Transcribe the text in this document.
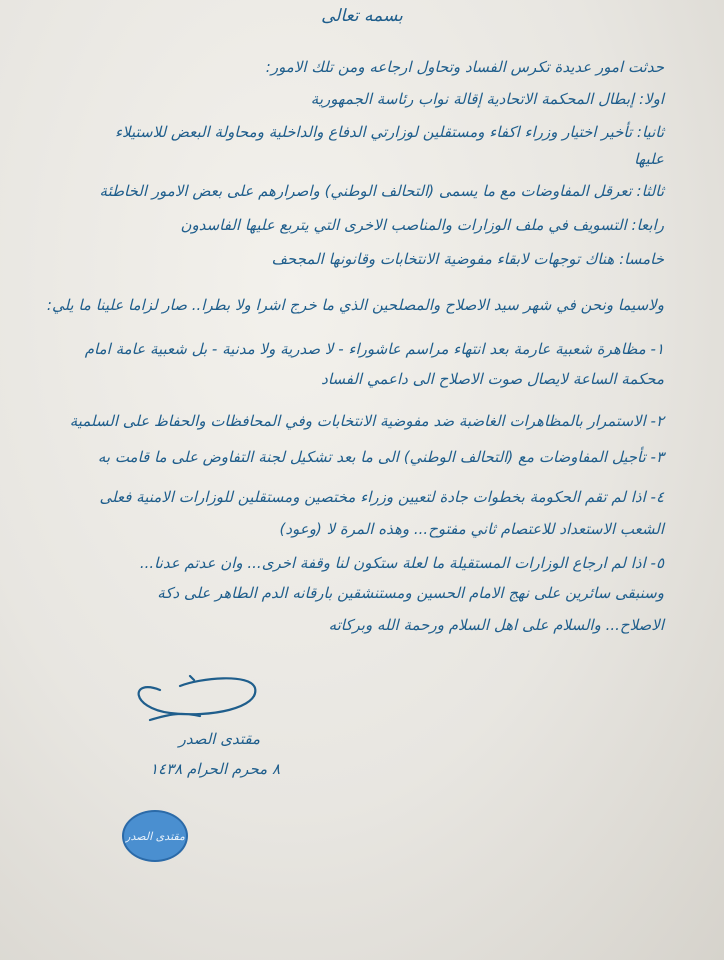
بسمه تعالى
حدثت امور عديدة تكرس الفساد وتحاول ارجاعه ومن تلك الامور:
اولا: إبطال المحكمة الاتحادية إقالة نواب رئاسة الجمهورية
ثانيا: تأخير اختيار وزراء اكفاء ومستقلين لوزارتي الدفاع والداخلية ومحاولة البعض للاستيلاء
عليها
ثالثا: تعرقل المفاوضات مع ما يسمى (التحالف الوطني) واصرارهم على بعض الامور الخاطئة
رابعا: التسويف في ملف الوزارات والمناصب الاخرى التي يتربع عليها الفاسدون
خامسا: هناك توجهات لابقاء مفوضية الانتخابات وقانونها المجحف
ولاسيما ونحن في شهر سيد الاصلاح والمصلحين الذي ما خرج اشرا ولا بطرا.. صار لزاما علينا ما يلي:
١- مظاهرة شعبية عارمة بعد انتهاء مراسم عاشوراء - لا صدرية ولا مدنية - بل شعبية عامة امام
محكمة الساعة لايصال صوت الاصلاح الى داعمي الفساد
٢- الاستمرار بالمظاهرات الغاضبة ضد مفوضية الانتخابات وفي المحافظات والحفاظ على السلمية
٣- تأجيل المفاوضات مع (التحالف الوطني) الى ما بعد تشكيل لجنة التفاوض على ما قامت به
٤- اذا لم تقم الحكومة بخطوات جادة لتعيين وزراء مختصين ومستقلين للوزارات الامنية فعلى
الشعب الاستعداد للاعتصام ثاني مفتوح... وهذه المرة لا (وعود)
٥- اذا لم ارجاع الوزارات المستقيلة ما لعلة ستكون لنا وقفة اخرى... وان عدتم عدنا...
وسنبقى سائرين على نهج الامام الحسين ومستنشقين بارقانه الدم الطاهر على دكة
الاصلاح... والسلام على اهل السلام ورحمة الله وبركاته
مقتدى الصدر
٨ محرم الحرام ١٤٣٨
مقتدى الصدر
